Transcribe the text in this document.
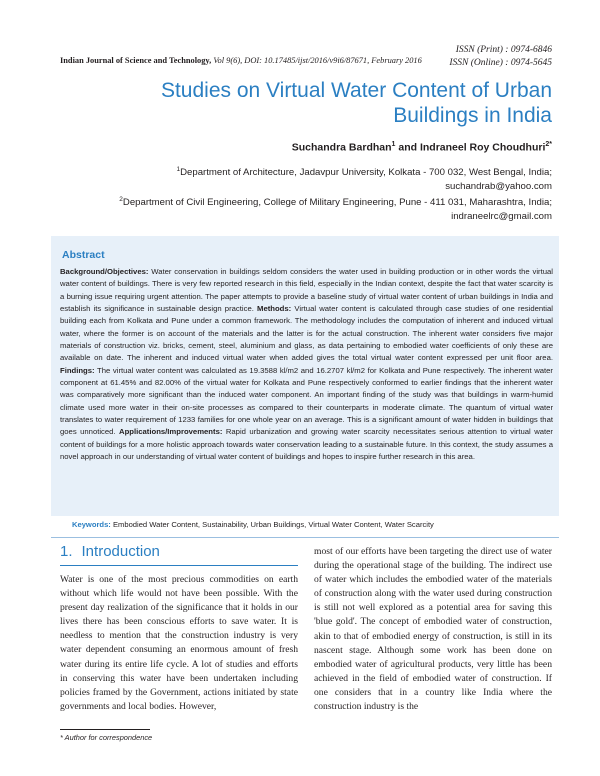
ISSN (Print) : 0974-6846
ISSN (Online) : 0974-5645
Indian Journal of Science and Technology, Vol 9(6), DOI: 10.17485/ijst/2016/v9i6/87671, February 2016
Studies on Virtual Water Content of Urban Buildings in India
Suchandra Bardhan$^1$ and Indraneel Roy Choudhuri$^{2*}$
$^1$Department of Architecture, Jadavpur University, Kolkata - 700 032, West Bengal, India;
suchandrab@yahoo.com
$^2$Department of Civil Engineering, College of Military Engineering, Pune - 411 031, Maharashtra, India;
indraneelrc@gmail.com
Abstract

Background/Objectives: Water conservation in buildings seldom considers the water used in building production or in other words the virtual water content of buildings. There is very few reported research in this field, especially in the Indian context, despite the fact that water scarcity is a burning issue requiring urgent attention. The paper attempts to provide a baseline study of virtual water content of urban buildings in India and establish its significance in sustainable design practice. Methods: Virtual water content is calculated through case studies of one residential building each from Kolkata and Pune under a common framework. The methodology includes the computation of inherent and induced virtual water, where the former is on account of the materials and the latter is for the actual construction. The inherent water considers five major materials of construction viz. bricks, cement, steel, aluminium and glass, as data pertaining to embodied water coefficients of only these are available on date. The inherent and induced virtual water when added gives the total virtual water content expressed per unit floor area. Findings: The virtual water content was calculated as 19.3588 kl/m2 and 16.2707 kl/m2 for Kolkata and Pune respectively. The inherent water component at 61.45% and 82.00% of the virtual water for Kolkata and Pune respectively conformed to earlier findings that the inherent water was comparatively more significant than the induced water component. An important finding of the study was that buildings in warm-humid climate used more water in their on-site processes as compared to their counterparts in moderate climate. The quantum of virtual water translates to water requirement of 1233 families for one whole year on an average. This is a significant amount of water hidden in buildings that goes unnoticed. Applications/Improvements: Rapid urbanization and growing water scarcity necessitates serious attention to virtual water content of buildings for a more holistic approach towards water conservation leading to a sustainable future. In this context, the study assumes a novel approach in our understanding of virtual water content of buildings and hopes to inspire further research in this area.

Keywords: Embodied Water Content, Sustainability, Urban Buildings, Virtual Water Content, Water Scarcity
1. Introduction

Water is one of the most precious commodities on earth without which life would not have been possible. With the present day realization of the significance that it holds in our lives there has been conscious efforts to save water. It is needless to mention that the construction industry is very water dependent consuming an enormous amount of fresh water during its entire life cycle. A lot of studies and efforts in conserving this water have been undertaken including policies framed by the Government, actions initiated by state governments and local bodies. However,

most of our efforts have been targeting the direct use of water during the operational stage of the building. The indirect use of water which includes the embodied water of the materials of construction along with the water used during construction is still not well explored as a potential area for saving this 'blue gold'. The concept of embodied water of construction, akin to that of embodied energy of construction, is still in its nascent stage. Although some work has been done on embodied water of agricultural products, very little has been achieved in the field of embodied water of construction. If one considers that in a country like India where the construction industry is the

* Author for correspondence
